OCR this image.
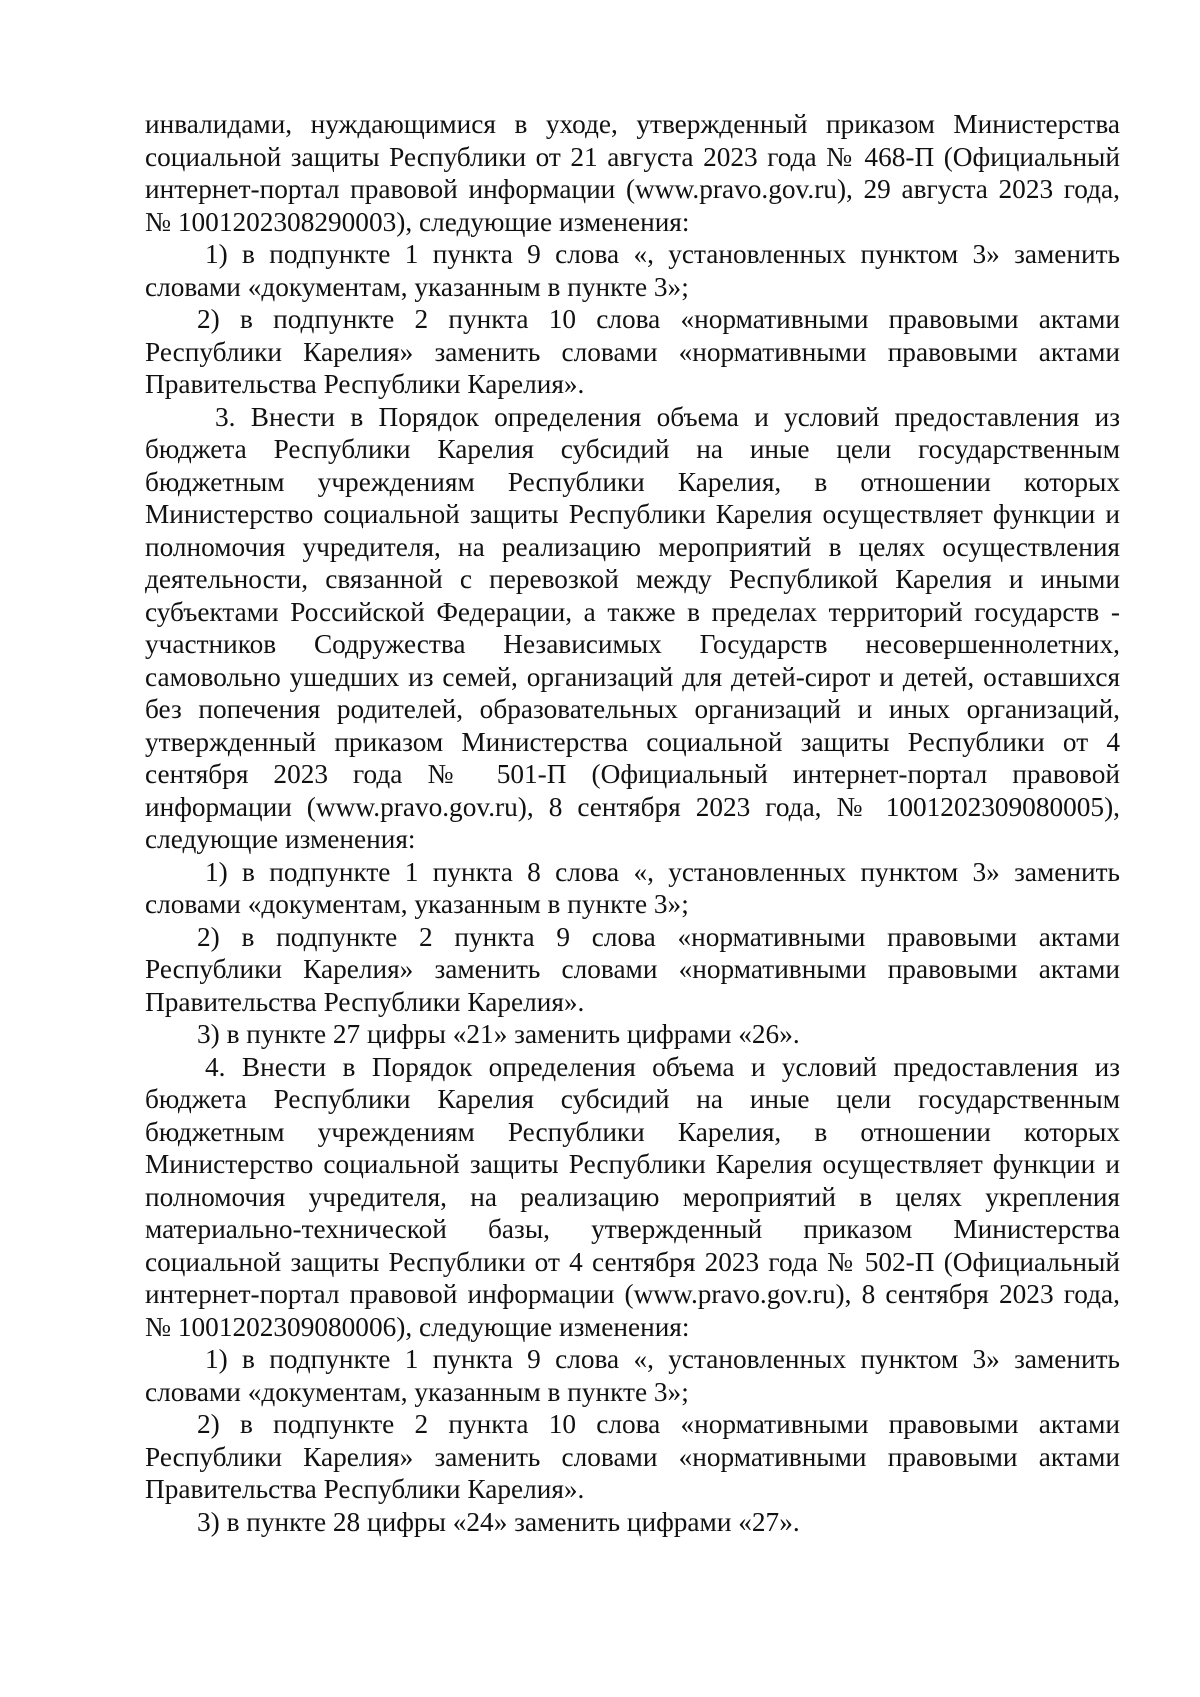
инвалидами, нуждающимися в уходе, утвержденный приказом Министерства социальной защиты Республики от 21 августа 2023 года № 468-П (Официальный интернет-портал правовой информации (www.pravo.gov.ru), 29 августа 2023 года, № 1001202308290003), следующие изменения:

1) в подпункте 1 пункта 9 слова «, установленных пунктом 3» заменить словами «документам, указанным в пункте 3»;

2) в подпункте 2 пункта 10 слова «нормативными правовыми актами Республики Карелия» заменить словами «нормативными правовыми актами Правительства Республики Карелия».

3. Внести в Порядок определения объема и условий предоставления из бюджета Республики Карелия субсидий на иные цели государственным бюджетным учреждениям Республики Карелия, в отношении которых Министерство социальной защиты Республики Карелия осуществляет функции и полномочия учредителя, на реализацию мероприятий в целях осуществления деятельности, связанной с перевозкой между Республикой Карелия и иными субъектами Российской Федерации, а также в пределах территорий государств - участников Содружества Независимых Государств несовершеннолетних, самовольно ушедших из семей, организаций для детей-сирот и детей, оставшихся без попечения родителей, образовательных организаций и иных организаций, утвержденный приказом Министерства социальной защиты Республики от 4 сентября 2023 года № 501-П (Официальный интернет-портал правовой информации (www.pravo.gov.ru), 8 сентября 2023 года, № 1001202309080005), следующие изменения:

1) в подпункте 1 пункта 8 слова «, установленных пунктом 3» заменить словами «документам, указанным в пункте 3»;

2) в подпункте 2 пункта 9 слова «нормативными правовыми актами Республики Карелия» заменить словами «нормативными правовыми актами Правительства Республики Карелия».

3) в пункте 27 цифры «21» заменить цифрами «26».

4. Внести в Порядок определения объема и условий предоставления из бюджета Республики Карелия субсидий на иные цели государственным бюджетным учреждениям Республики Карелия, в отношении которых Министерство социальной защиты Республики Карелия осуществляет функции и полномочия учредителя, на реализацию мероприятий в целях укрепления материально-технической базы, утвержденный приказом Министерства социальной защиты Республики от 4 сентября 2023 года № 502-П (Официальный интернет-портал правовой информации (www.pravo.gov.ru), 8 сентября 2023 года, № 1001202309080006), следующие изменения:

1) в подпункте 1 пункта 9 слова «, установленных пунктом 3» заменить словами «документам, указанным в пункте 3»;

2) в подпункте 2 пункта 10 слова «нормативными правовыми актами Республики Карелия» заменить словами «нормативными правовыми актами Правительства Республики Карелия».

3) в пункте 28 цифры «24» заменить цифрами «27».
